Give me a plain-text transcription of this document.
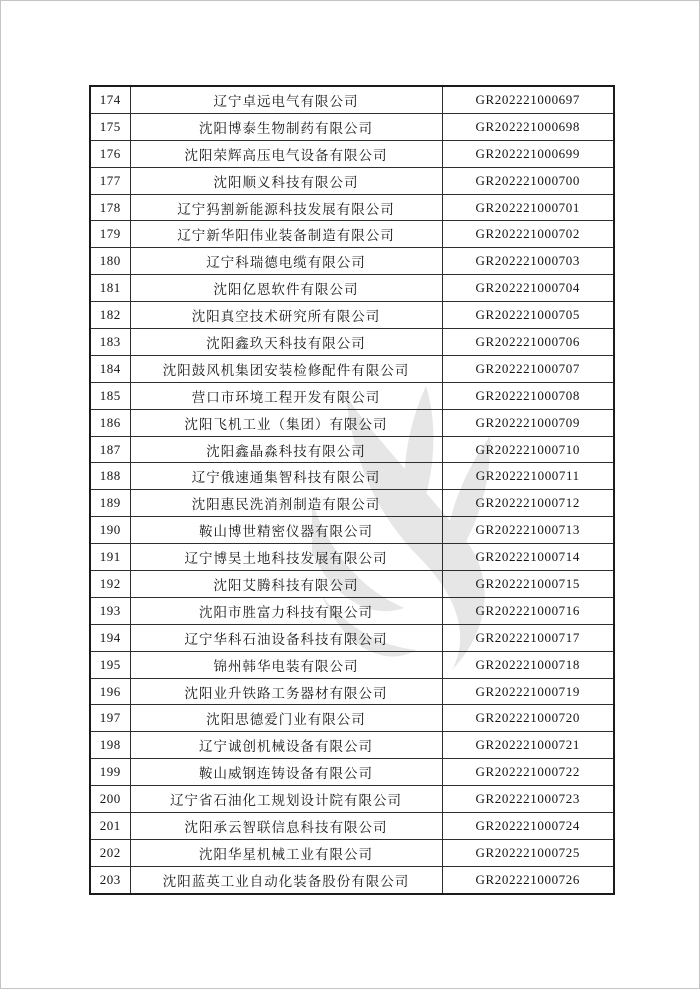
174	辽宁卓远电气有限公司	GR202221000697
175	沈阳博泰生物制药有限公司	GR202221000698
176	沈阳荣辉高压电气设备有限公司	GR202221000699
177	沈阳顺义科技有限公司	GR202221000700
178	辽宁犸割新能源科技发展有限公司	GR202221000701
179	辽宁新华阳伟业装备制造有限公司	GR202221000702
180	辽宁科瑞德电缆有限公司	GR202221000703
181	沈阳亿恩软件有限公司	GR202221000704
182	沈阳真空技术研究所有限公司	GR202221000705
183	沈阳鑫玖天科技有限公司	GR202221000706
184	沈阳鼓风机集团安装检修配件有限公司	GR202221000707
185	营口市环境工程开发有限公司	GR202221000708
186	沈阳飞机工业（集团）有限公司	GR202221000709
187	沈阳鑫晶淼科技有限公司	GR202221000710
188	辽宁俄速通集智科技有限公司	GR202221000711
189	沈阳惠民洗消剂制造有限公司	GR202221000712
190	鞍山博世精密仪器有限公司	GR202221000713
191	辽宁博昊土地科技发展有限公司	GR202221000714
192	沈阳艾腾科技有限公司	GR202221000715
193	沈阳市胜富力科技有限公司	GR202221000716
194	辽宁华科石油设备科技有限公司	GR202221000717
195	锦州韩华电装有限公司	GR202221000718
196	沈阳业升铁路工务器材有限公司	GR202221000719
197	沈阳思德爱门业有限公司	GR202221000720
198	辽宁诚创机械设备有限公司	GR202221000721
199	鞍山威钢连铸设备有限公司	GR202221000722
200	辽宁省石油化工规划设计院有限公司	GR202221000723
201	沈阳承云智联信息科技有限公司	GR202221000724
202	沈阳华星机械工业有限公司	GR202221000725
203	沈阳蓝英工业自动化装备股份有限公司	GR202221000726
